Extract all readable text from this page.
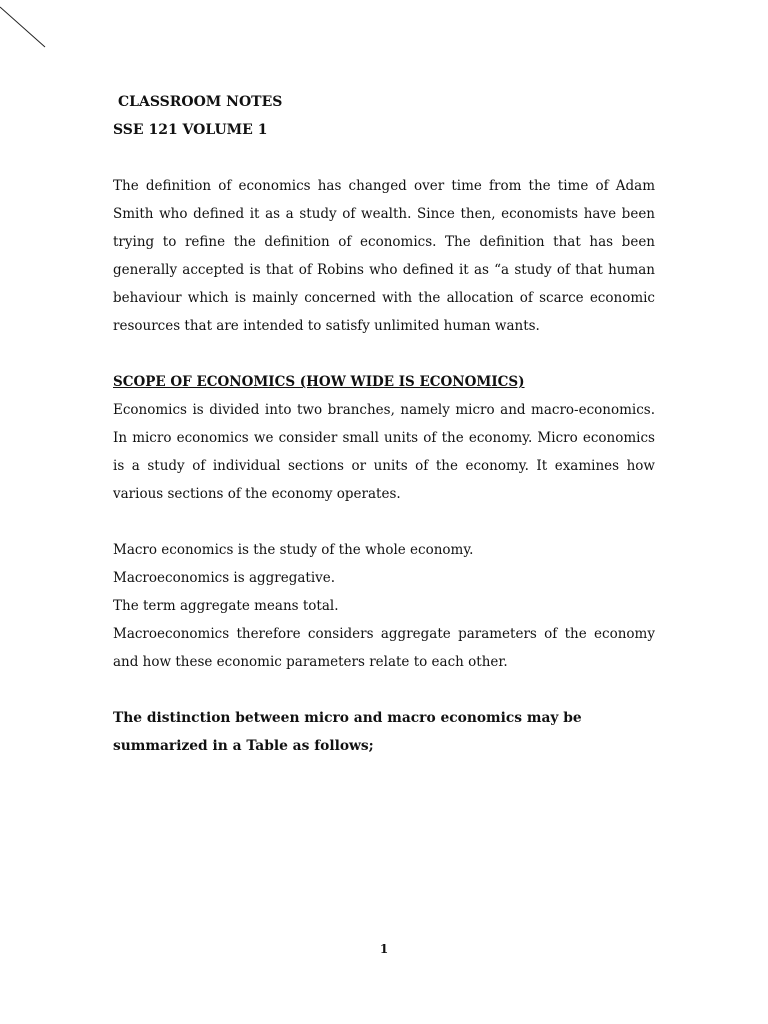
CLASSROOM NOTES

SSE 121 VOLUME 1

The definition of economics has changed over time from the time of Adam Smith who defined it as a study of wealth. Since then, economists have been trying to refine the definition of economics. The definition that has been generally accepted is that of Robins who defined it as “a study of that human behaviour which is mainly concerned with the allocation of scarce economic resources that are intended to satisfy unlimited human wants.

SCOPE OF ECONOMICS (HOW WIDE IS ECONOMICS)

Economics is divided into two branches, namely micro and macro-economics. In micro economics we consider small units of the economy. Micro economics is a study of individual sections or units of the economy. It examines how various sections of the economy operates.

Macro economics is the study of the whole economy.

Macroeconomics is aggregative.

The term aggregate means total.

Macroeconomics therefore considers aggregate parameters of the economy and how these economic parameters relate to each other.

The distinction between micro and macro economics may be summarized in a Table as follows;

1
